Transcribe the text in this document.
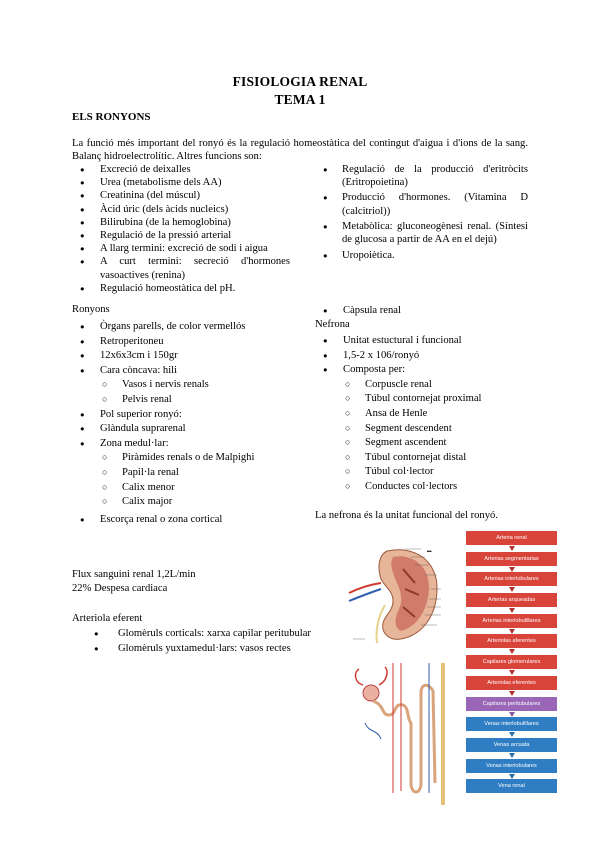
FISIOLOGIA RENAL
TEMA 1
ELS RONYONS

La funció més important del ronyó és la regulació homeostàtica del contingut d'aigua i d'ions de la sang. Balanç hidroelectrolític. Altres funcions son:

● Excreció de deixalles
● Urea (metabolisme dels AA)
● Creatinina (del múscul)
● Àcid úric (dels àcids nucleics)
● Bilirubina (de la hemoglobina)
● Regulació de la pressió arterial
● A llarg termini: excreció de sodi i aigua
● A curt termini: secreció d'hormones vasoactives (renina)
● Regulació homeostàtica del pH.
● Regulació de la producció d'eritròcits (Eritropoietina)
● Producció d'hormones. (Vitamina D (calcitriol))
● Metabòlica: gluconeogènesi renal. (Síntesi de glucosa a partir de AA en el dejú)
● Uropoiètica.
Ronyons
● Òrgans parells, de color vermellós
● Retroperitoneu
● 12x6x3cm i 150gr
● Cara còncava: hili
○ Vasos i nervis renals
○ Pelvis renal
● Pol superior ronyó:
● Glàndula suprarenal
● Zona medul·lar:
○ Piràmides renals o de Malpighi
○ Papil·la renal
○ Calix menor
○ Calix major
● Escorça renal o zona cortical
● Càpsula renal
Nefrona
● Unitat estuctural i funcional
● 1,5-2 x 106/ronyó
● Composta per:
○ Corpuscle renal
○ Túbul contornejat proximal
○ Ansa de Henle
○ Segment descendent
○ Segment ascendent
○ Túbul contornejat distal
○ Túbul col·lector
○ Conductes col·lectors
La nefrona és la unitat funcional del ronyó.
Flux sanguini renal 1,2L/min
22% Despesa cardiaca
Arteriola eferent
● Glomèruls corticals: xarxa capilar peritubular
● Glomèruls yuxtamedul·lars: vasos rectes
▬
Arteria renal
Arterias segmentarias
Arterias interlobulares
Arterias arqueadas
Arterias interlobulillares
Arteriolas aferentes
Capilares glomerulares
Arteriolas eferentes
Capilares peritubulares
Venas interlobulillares
Venas arcuata
Venas interlobulares
Vena renal
